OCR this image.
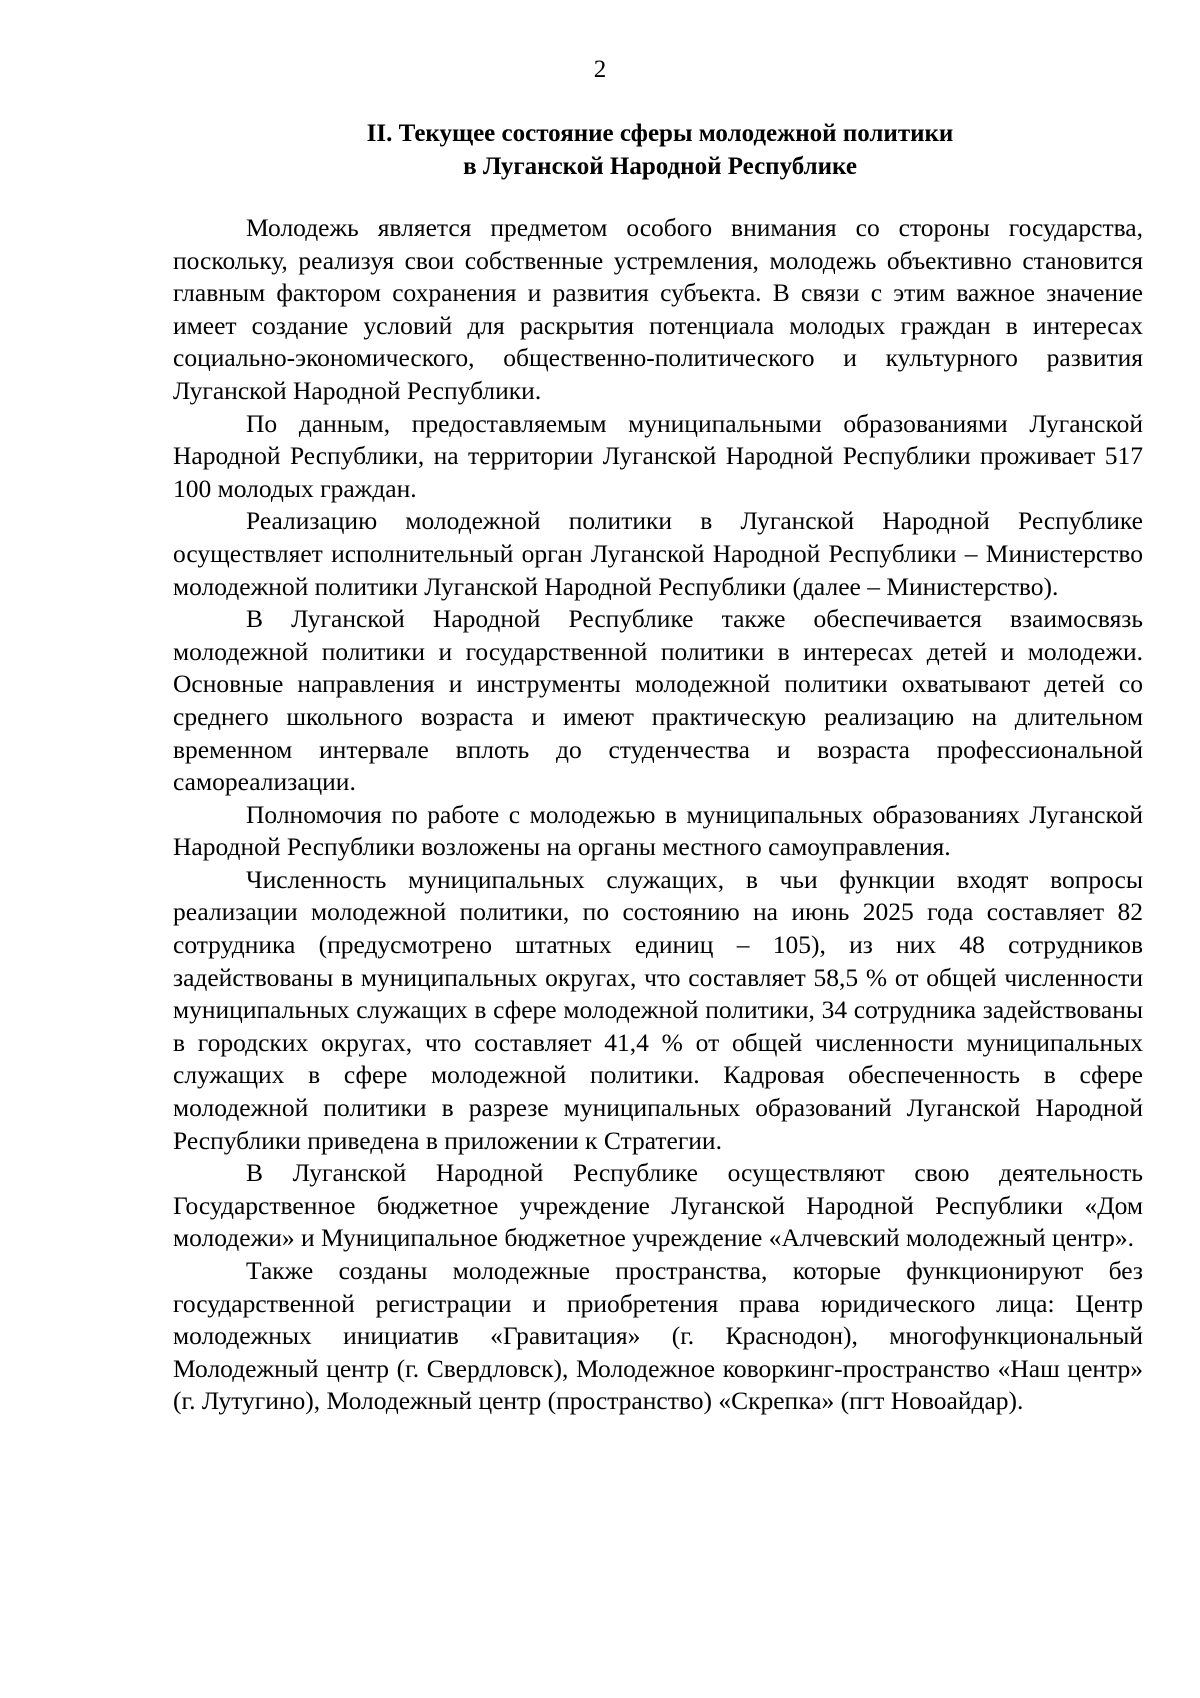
2
II. Текущее состояние сферы молодежной политики
в Луганской Народной Республике

Молодежь является предметом особого внимания со стороны государства, поскольку, реализуя свои собственные устремления, молодежь объективно становится главным фактором сохранения и развития субъекта. В связи с этим важное значение имеет создание условий для раскрытия потенциала молодых граждан в интересах социально-экономического, общественно-политического и культурного развития Луганской Народной Республики.

По данным, предоставляемым муниципальными образованиями Луганской Народной Республики, на территории Луганской Народной Республики проживает 517 100 молодых граждан.

Реализацию молодежной политики в Луганской Народной Республике осуществляет исполнительный орган Луганской Народной Республики – Министерство молодежной политики Луганской Народной Республики (далее – Министерство).

В Луганской Народной Республике также обеспечивается взаимосвязь молодежной политики и государственной политики в интересах детей и молодежи. Основные направления и инструменты молодежной политики охватывают детей со среднего школьного возраста и имеют практическую реализацию на длительном временном интервале вплоть до студенчества и возраста профессиональной самореализации.

Полномочия по работе с молодежью в муниципальных образованиях Луганской Народной Республики возложены на органы местного самоуправления.

Численность муниципальных служащих, в чьи функции входят вопросы реализации молодежной политики, по состоянию на июнь 2025 года составляет 82 сотрудника (предусмотрено штатных единиц – 105), из них 48 сотрудников задействованы в муниципальных округах, что составляет 58,5 % от общей численности муниципальных служащих в сфере молодежной политики, 34 сотрудника задействованы в городских округах, что составляет 41,4 % от общей численности муниципальных служащих в сфере молодежной политики. Кадровая обеспеченность в сфере молодежной политики в разрезе муниципальных образований Луганской Народной Республики приведена в приложении к Стратегии.

В Луганской Народной Республике осуществляют свою деятельность Государственное бюджетное учреждение Луганской Народной Республики «Дом молодежи» и Муниципальное бюджетное учреждение «Алчевский молодежный центр».

Также созданы молодежные пространства, которые функционируют без государственной регистрации и приобретения права юридического лица: Центр молодежных инициатив «Гравитация» (г. Краснодон), многофункциональный Молодежный центр (г. Свердловск), Молодежное коворкинг-пространство «Наш центр» (г. Лутугино), Молодежный центр (пространство) «Скрепка» (пгт Новоайдар).
